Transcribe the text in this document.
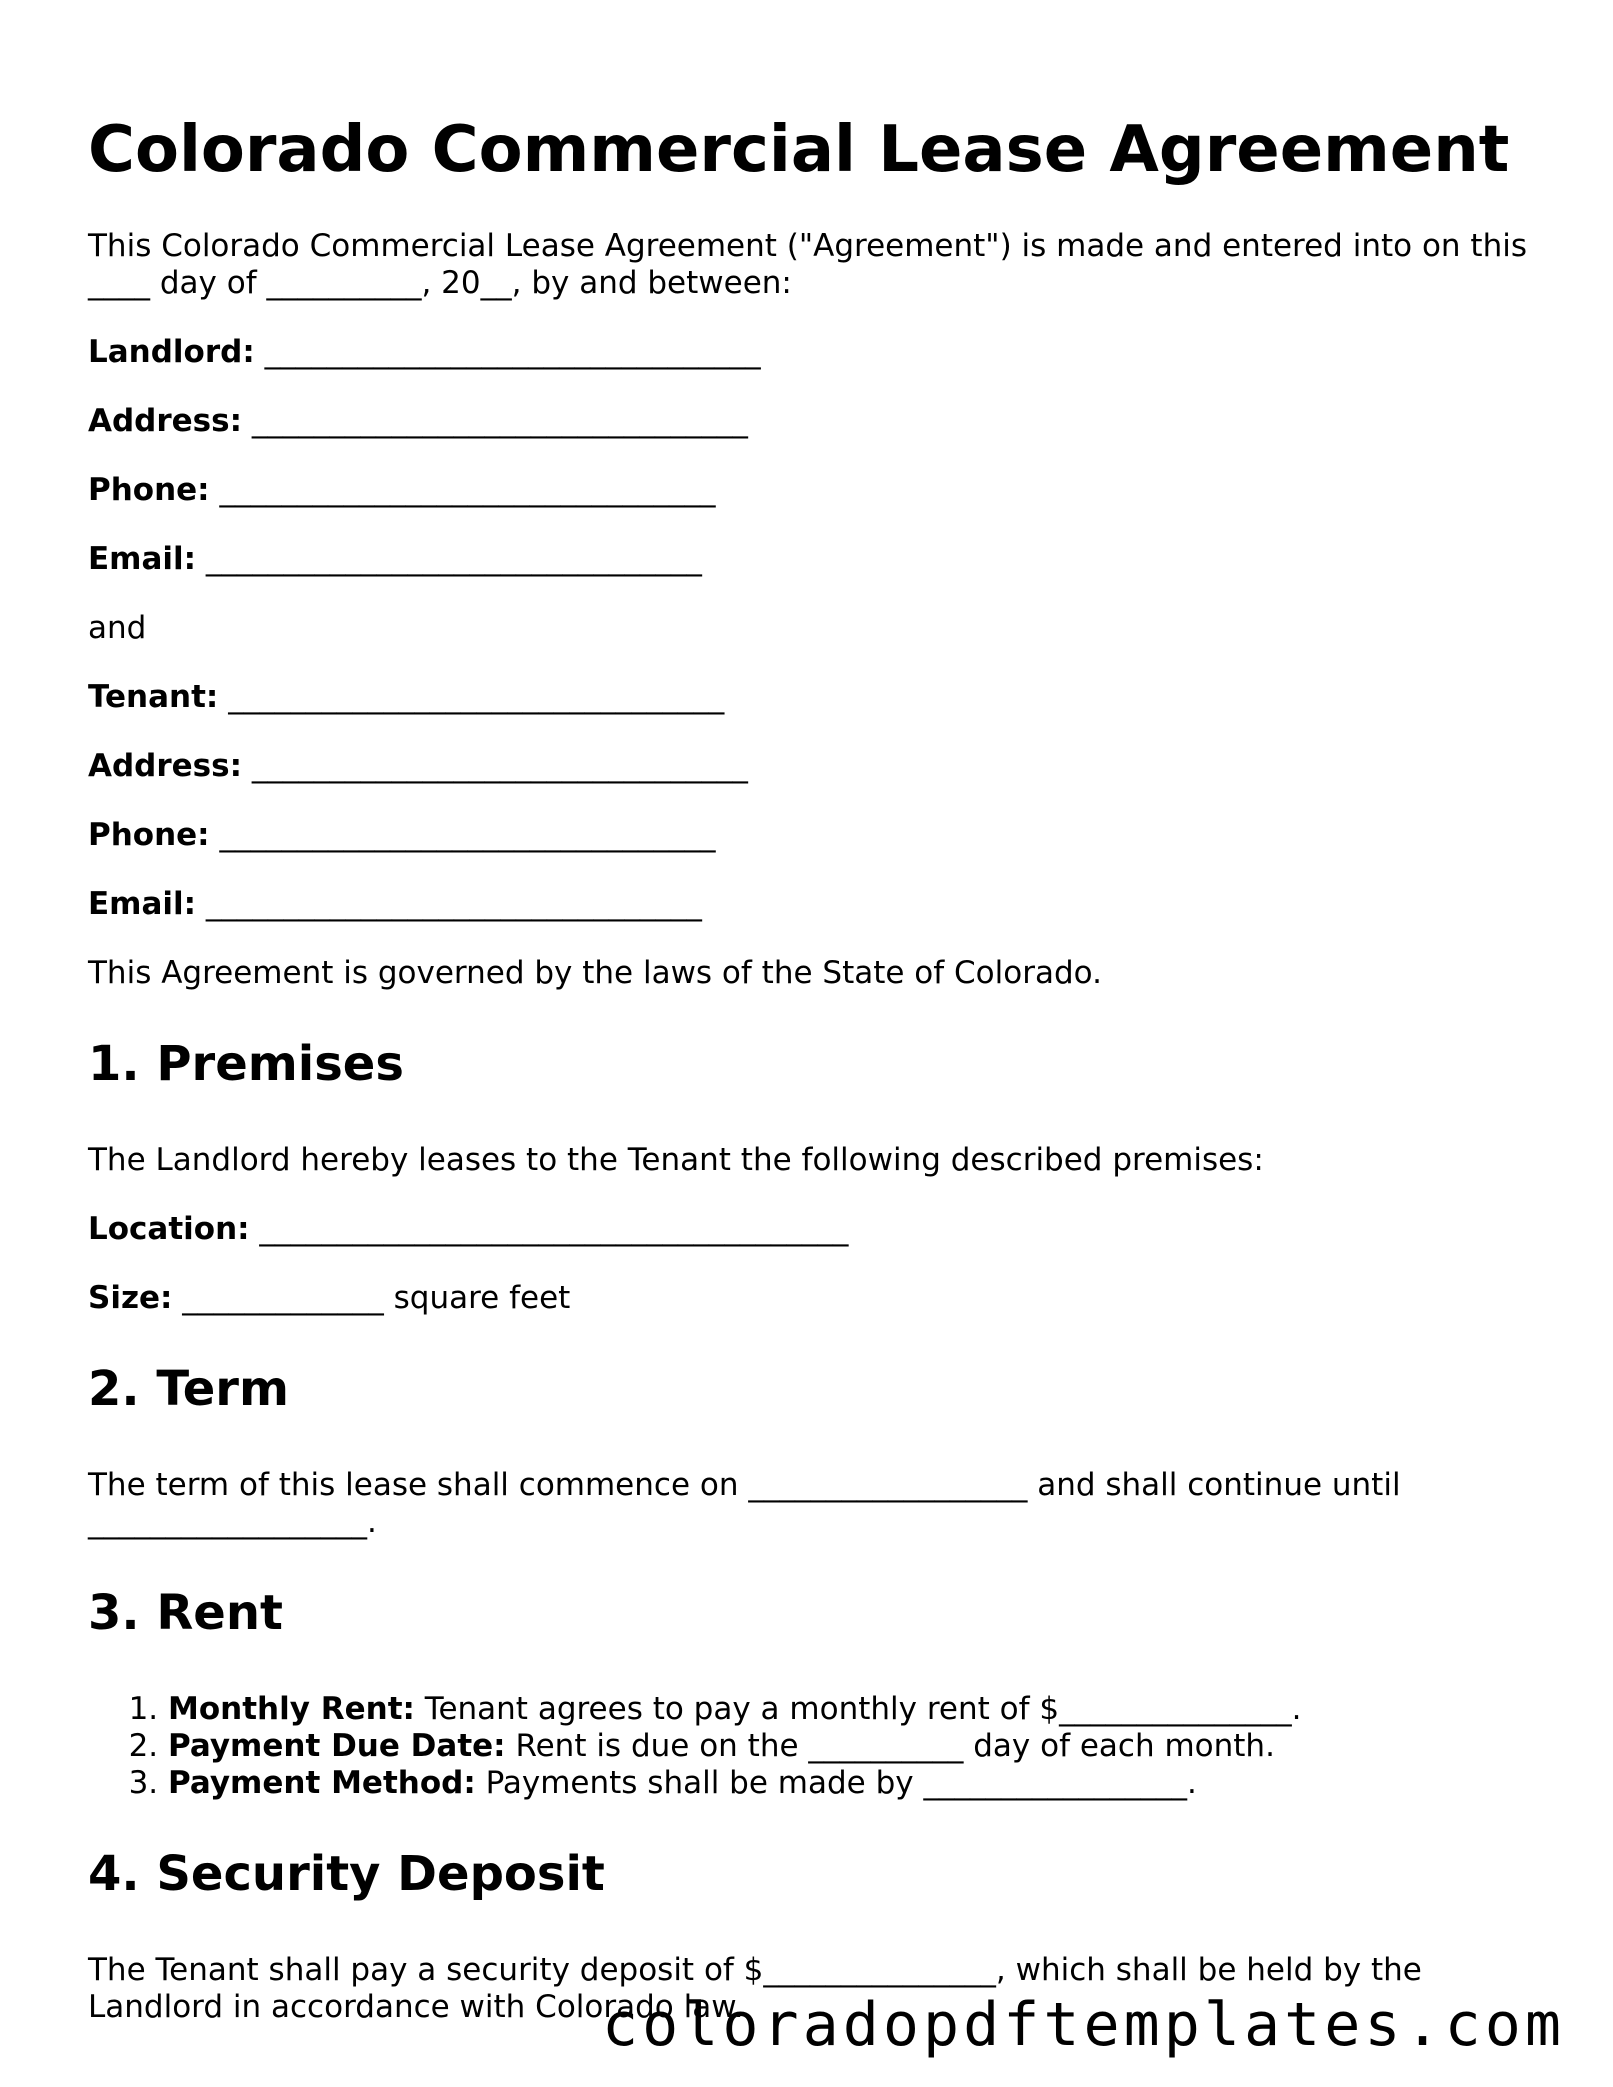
Colorado Commercial Lease Agreement

This Colorado Commercial Lease Agreement ("Agreement") is made and entered into on this ____ day of __________, 20__, by and between:

Landlord: ________________________________
Address: ________________________________
Phone: ________________________________
Email: ________________________________

and

Tenant: ________________________________
Address: ________________________________
Phone: ________________________________
Email: ________________________________

This Agreement is governed by the laws of the State of Colorado.

1. Premises

The Landlord hereby leases to the Tenant the following described premises:

Location: ______________________________________
Size: _____________ square feet
2. Term

The term of this lease shall commence on __________________ and shall continue until __________________.

3. Rent
1. Monthly Rent: Tenant agrees to pay a monthly rent of $_______________.
2. Payment Due Date: Rent is due on the __________ day of each month.
3. Payment Method: Payments shall be made by _________________.
4. Security Deposit

The Tenant shall pay a security deposit of $_______________, which shall be held by the Landlord in accordance with Colorado law.

coloradopdftemplates.com
